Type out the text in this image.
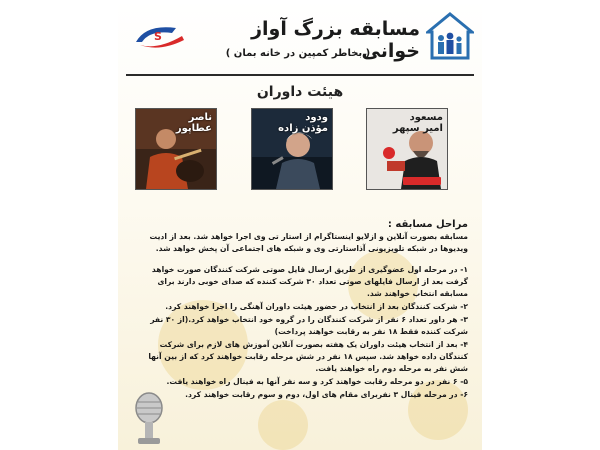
S	مسابقه بزرگ آواز خوانی
( بخاطر کمپین در خانه بمان )
هیئت داوران
ناصر
عطاپور
ودود
مؤذن زاده
مسعود
امیر سپهر

مراحل مسابقه :

مسابقه بصورت آنلاین و ازلایو اینستاگرام از استار تی وی اجرا خواهد شد. بعد از ادیت ویدیوها در شبکه تلویزیونی آذاستارتی وی و شبکه های اجتماعی آن پخش خواهد شد.

۱- در مرحله اول عضوگیری از طریق ارسال فایل صوتی شرکت کنندگان صورت خواهد گرفت بعد از ارسال فایلهای صوتی تعداد ۳۰ شرکت کننده که صدای خوبی دارند برای مسابقه انتخاب خواهند شد.
۲- شرکت کنندگان بعد از انتخاب در حضور هیئت داوران آهنگی را اجرا خواهند کرد.
۳- هر داور تعداد ۶ نفر از شرکت کنندگان را در گروه خود انتخاب خواهد کرد.(از ۳۰ نفر شرکت کننده فقط ۱۸ نفر به رقابت خواهند پرداخت)
۴- بعد از انتخاب هیئت داوران یک هفته بصورت آنلاین آموزش های لازم برای شرکت کنندگان داده خواهد شد. سپس ۱۸ نفر در شش مرحله رقابت خواهند کرد که از بین آنها شش نفر به مرحله دوم راه خواهند یافت.
۵- ۶ نفر در دو مرحله رقابت خواهند کرد و سه نفر آنها به فینال راه خواهند یافت.
۶- در مرحله فینال ۳ نفربرای مقام های اول، دوم و سوم رقابت خواهند کرد.
